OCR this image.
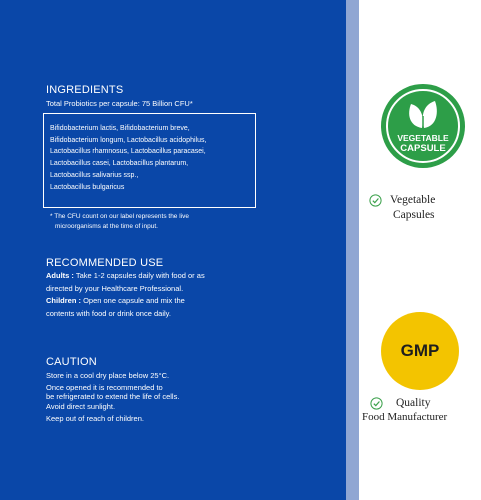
INGREDIENTS
Total Probiotics per capsule: 75 Billion CFU*
Bifidobacterium lactis, Bifidobacterium breve,
Bifidobacterium longum, Lactobacillus acidophilus,
Lactobacillus rhamnosus, Lactobacillus paracasei,
Lactobacillus casei, Lactobacillus plantarum,
Lactobacillus salivarius ssp.,
Lactobacillus bulgaricus
* The CFU count on our label represents the live
microorganisms at the time of input.
RECOMMENDED USE
Adults : Take 1-2 capsules daily with food or as
directed by your Healthcare Professional.
Children : Open one capsule and mix the
contents with food or drink once daily.
CAUTION
Store in a cool dry place below 25°C.
Once opened it is recommended to
be refrigerated to extend the life of cells.
Avoid direct sunlight.
Keep out of reach of children.
VEGETABLE
CAPSULE
Vegetable
Capsules
GMP
Quality
Food Manufacturer
